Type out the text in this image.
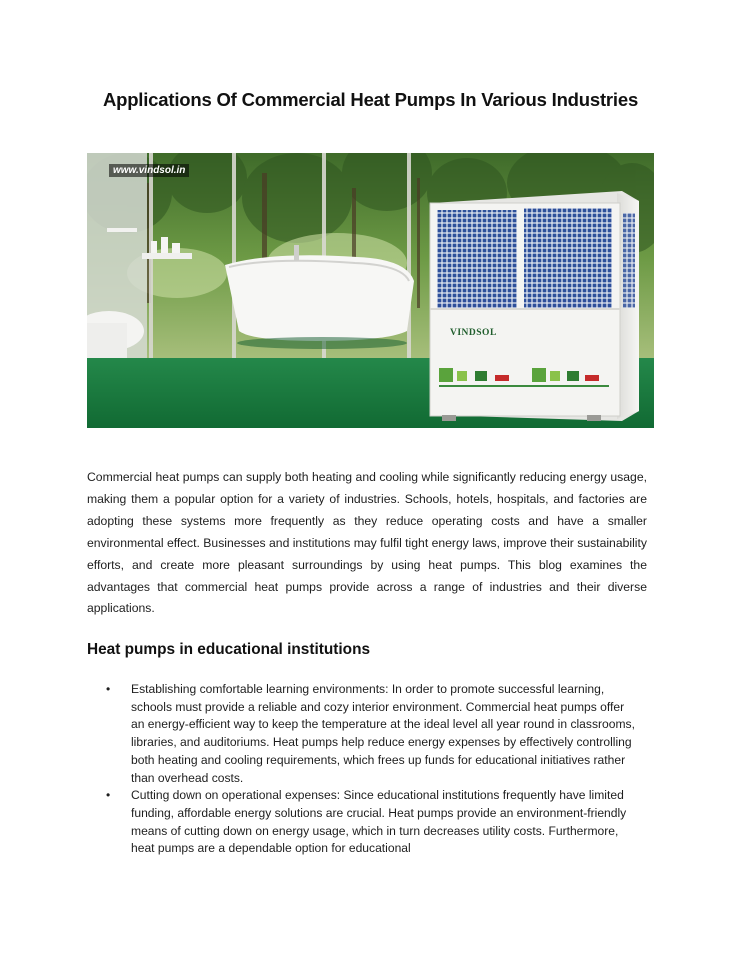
Applications Of Commercial Heat Pumps In Various Industries
www.vindsol.in
VINDSOL

Commercial heat pumps can supply both heating and cooling while significantly reducing energy usage, making them a popular option for a variety of industries. Schools, hotels, hospitals, and factories are adopting these systems more frequently as they reduce operating costs and have a smaller environmental effect. Businesses and institutions may fulfil tight energy laws, improve their sustainability efforts, and create more pleasant surroundings by using heat pumps. This blog examines the advantages that commercial heat pumps provide across a range of industries and their diverse applications.

Heat pumps in educational institutions
• Establishing comfortable learning environments: In order to promote successful learning, schools must provide a reliable and cozy interior environment. Commercial heat pumps offer an energy-efficient way to keep the temperature at the ideal level all year round in classrooms, libraries, and auditoriums. Heat pumps help reduce energy expenses by effectively controlling both heating and cooling requirements, which frees up funds for educational initiatives rather than overhead costs.
• Cutting down on operational expenses: Since educational institutions frequently have limited funding, affordable energy solutions are crucial. Heat pumps provide an environment-friendly means of cutting down on energy usage, which in turn decreases utility costs. Furthermore, heat pumps are a dependable option for educational
